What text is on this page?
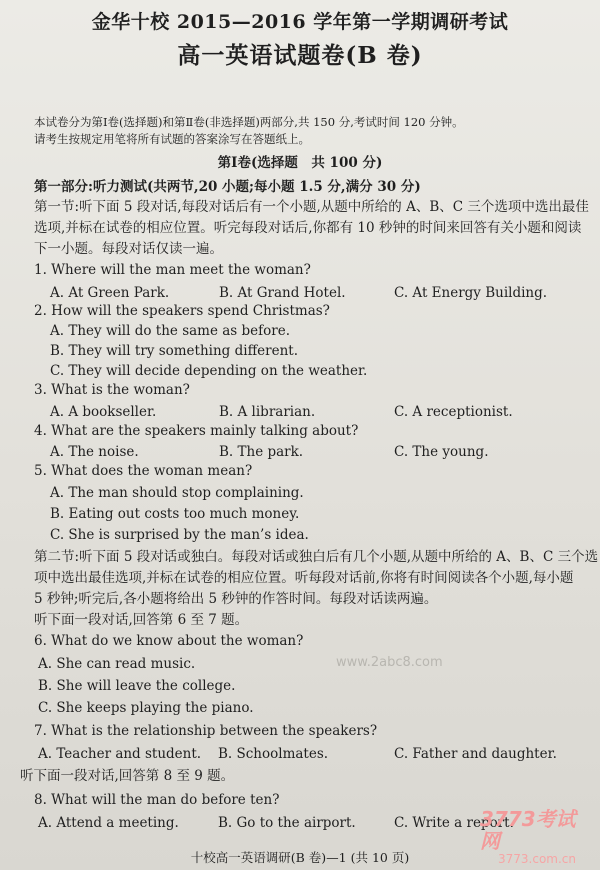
金华十校 2015—2016 学年第一学期调研考试
高一英语试题卷(B 卷)
本试卷分为第Ⅰ卷(选择题)和第Ⅱ卷(非选择题)两部分,共 150 分,考试时间 120 分钟。
请考生按规定用笔将所有试题的答案涂写在答题纸上。
第Ⅰ卷(选择题　共 100 分)
第一部分:听力测试(共两节,20 小题;每小题 1.5 分,满分 30 分)
第一节:听下面 5 段对话,每段对话后有一个小题,从题中所给的 A、B、C 三个选项中选出最佳
选项,并标在试卷的相应位置。听完每段对话后,你都有 10 秒钟的时间来回答有关小题和阅读
下一小题。每段对话仅读一遍。
1. Where will the man meet the woman?
A. At Green Park.	B. At Grand Hotel.	C. At Energy Building.
2. How will the speakers spend Christmas?
A. They will do the same as before.
B. They will try something different.
C. They will decide depending on the weather.
3. What is the woman?
A. A bookseller.	B. A librarian.	C. A receptionist.
4. What are the speakers mainly talking about?
A. The noise.	B. The park.	C. The young.
5. What does the woman mean?
A. The man should stop complaining.
B. Eating out costs too much money.
C. She is surprised by the man’s idea.
第二节:听下面 5 段对话或独白。每段对话或独白后有几个小题,从题中所给的 A、B、C 三个选
项中选出最佳选项,并标在试卷的相应位置。听每段对话前,你将有时间阅读各个小题,每小题
5 秒钟;听完后,各小题将给出 5 秒钟的作答时间。每段对话读两遍。
听下面一段对话,回答第 6 至 7 题。
6. What do we know about the woman?
A. She can read music.
B. She will leave the college.
C. She keeps playing the piano.
7. What is the relationship between the speakers?
A. Teacher and student. B. Schoolmates.	C. Father and daughter.
听下面一段对话,回答第 8 至 9 题。
8. What will the man do before ten?
A. Attend a meeting.	B. Go to the airport.	C. Write a report.
www.2abc8.com
3773考试网
3773.com.cn
十校高一英语调研(B 卷)—1 (共 10 页)
